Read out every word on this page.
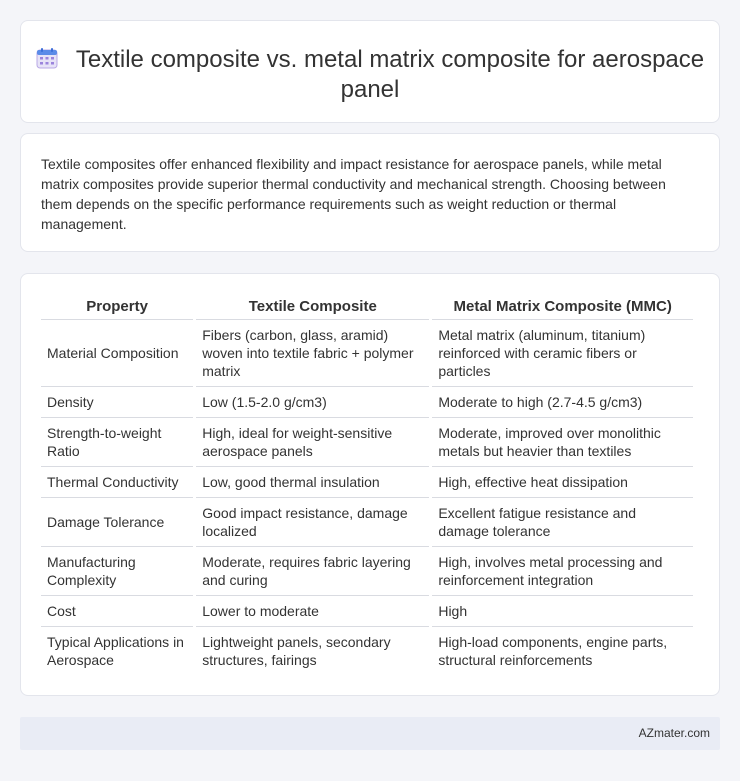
Textile composite vs. metal matrix composite for aerospace panel

Textile composites offer enhanced flexibility and impact resistance for aerospace panels, while metal matrix composites provide superior thermal conductivity and mechanical strength. Choosing between them depends on the specific performance requirements such as weight reduction or thermal management.

Property	Textile Composite	Metal Matrix Composite (MMC)
Material Composition	Fibers (carbon, glass, aramid) woven into textile fabric + polymer matrix	Metal matrix (aluminum, titanium) reinforced with ceramic fibers or particles
Density	Low (1.5-2.0 g/cm3)	Moderate to high (2.7-4.5 g/cm3)
Strength-to-weight Ratio	High, ideal for weight-sensitive aerospace panels	Moderate, improved over monolithic metals but heavier than textiles
Thermal Conductivity	Low, good thermal insulation	High, effective heat dissipation
Damage Tolerance	Good impact resistance, damage localized	Excellent fatigue resistance and damage tolerance
Manufacturing Complexity	Moderate, requires fabric layering and curing	High, involves metal processing and reinforcement integration
Cost	Lower to moderate	High
Typical Applications in Aerospace	Lightweight panels, secondary structures, fairings	High-load components, engine parts, structural reinforcements
AZmater.com
